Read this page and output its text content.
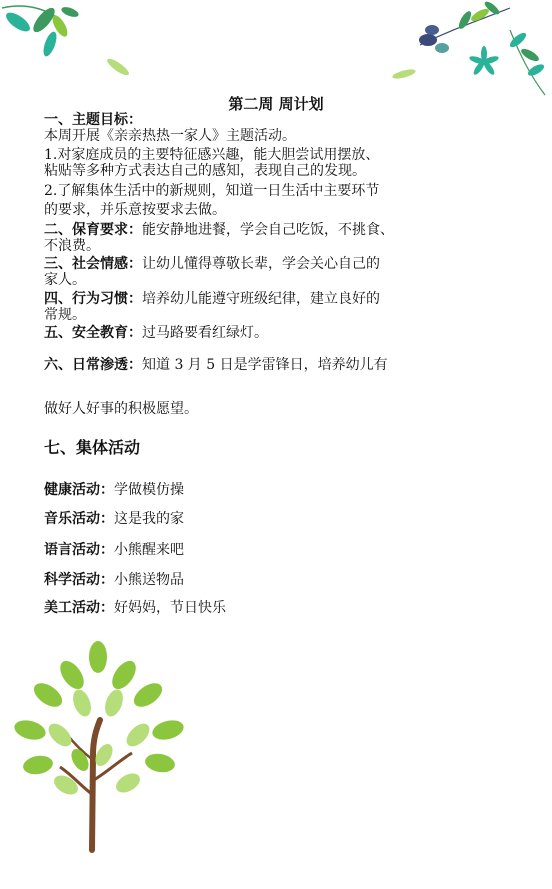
第二周 周计划
一、主题目标：
本周开展《亲亲热热一家人》主题活动。
1.对家庭成员的主要特征感兴趣，能大胆尝试用摆放、
粘贴等多种方式表达自己的感知，表现自己的发现。
2.了解集体生活中的新规则，知道一日生活中主要环节
的要求，并乐意按要求去做。
二、保育要求：能安静地进餐，学会自己吃饭，不挑食、
不浪费。
三、社会情感：让幼儿懂得尊敬长辈，学会关心自己的
家人。
四、行为习惯：培养幼儿能遵守班级纪律，建立良好的
常规。
五、安全教育：过马路要看红绿灯。
六、日常渗透：知道 3 月 5 日是学雷锋日，培养幼儿有
做好人好事的积极愿望。
七、集体活动
健康活动：学做模仿操
音乐活动：这是我的家
语言活动：小熊醒来吧
科学活动：小熊送物品
美工活动：好妈妈，节日快乐
